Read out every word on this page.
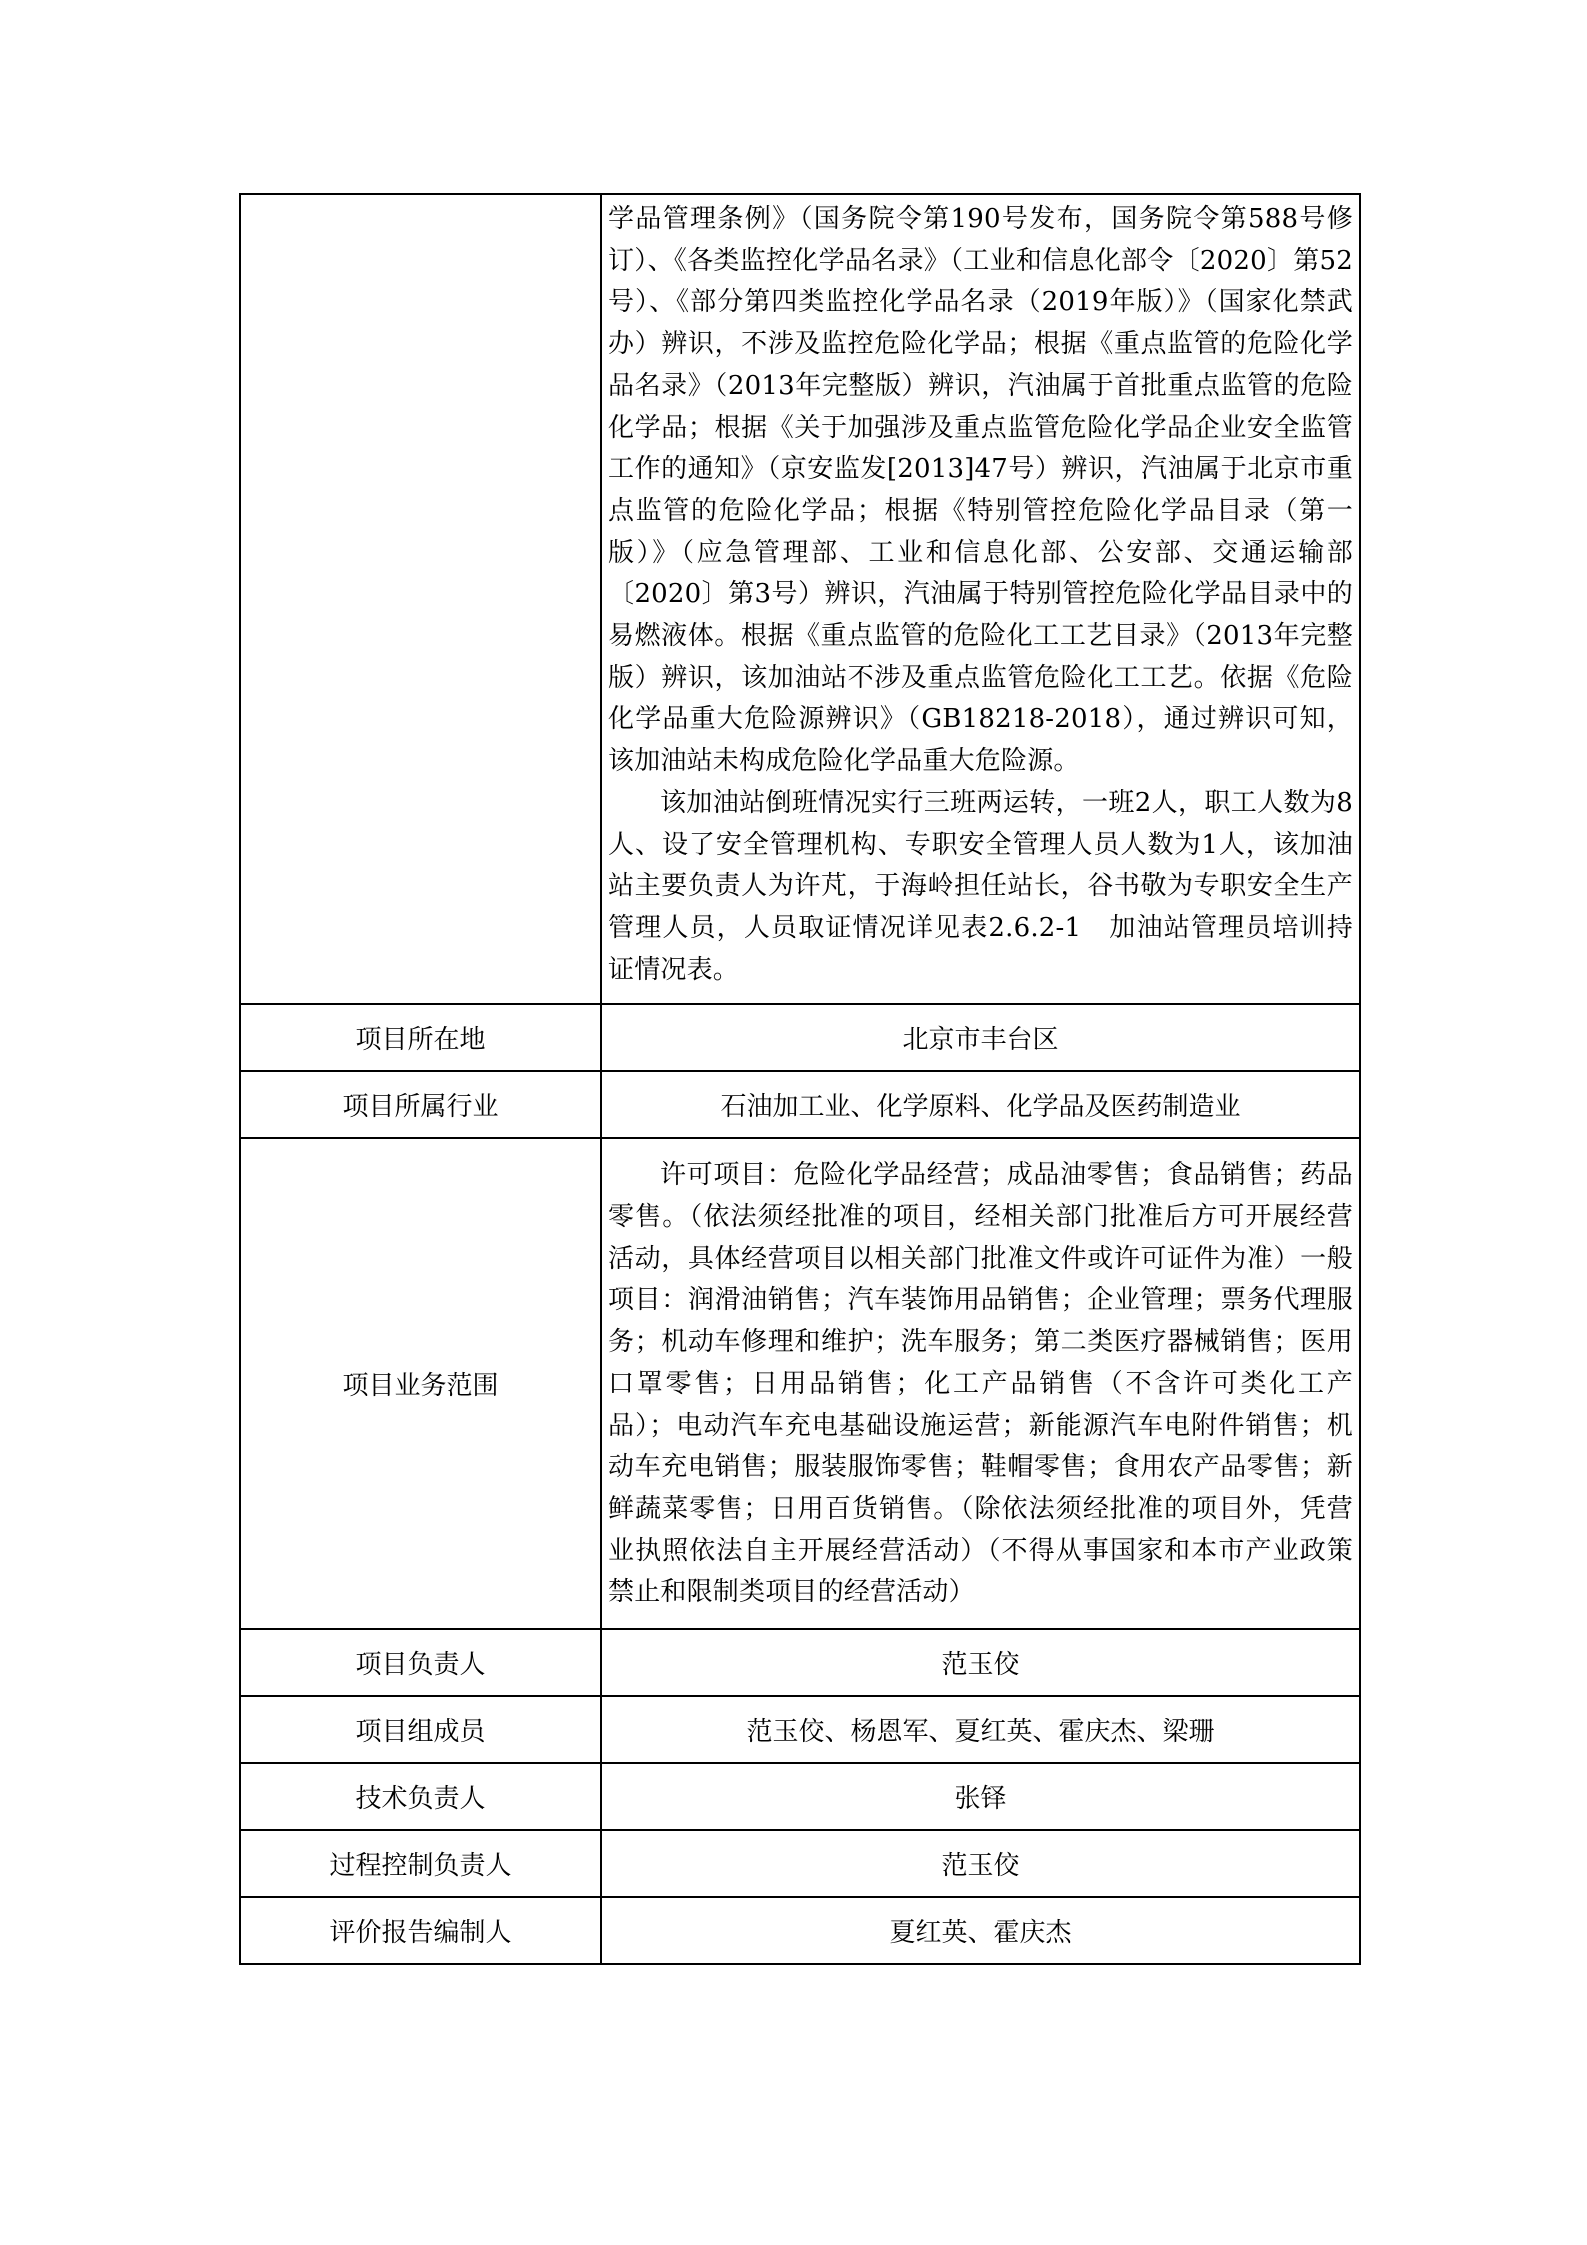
	学品管理条例》（国务院令第190号发布，国务院令第588号修订）、《各类监控化学品名录》（工业和信息化部令〔2020〕第52号）、《部分第四类监控化学品名录（2019年版）》（国家化禁武办）辨识，不涉及监控危险化学品；根据《重点监管的危险化学品名录》（2013年完整版）辨识，汽油属于首批重点监管的危险化学品；根据《关于加强涉及重点监管危险化学品企业安全监管工作的通知》（京安监发[2013]47号）辨识，汽油属于北京市重点监管的危险化学品；根据《特别管控危险化学品目录（第一版）》（应急管理部、工业和信息化部、公安部、交通运输部〔2020〕第3号）辨识，汽油属于特别管控危险化学品目录中的易燃液体。根据《重点监管的危险化工工艺目录》（2013年完整版）辨识，该加油站不涉及重点监管危险化工工艺。依据《危险化学品重大危险源辨识》（GB18218-2018），通过辨识可知，该加油站未构成危险化学品重大危险源。

该加油站倒班情况实行三班两运转，一班2人，职工人数为8人、设了安全管理机构、专职安全管理人员人数为1人，该加油站主要负责人为许芃，于海岭担任站长，谷书敬为专职安全生产管理人员，人员取证情况详见表2.6.2-1　加油站管理员培训持证情况表。

项目所在地	北京市丰台区
项目所属行业	石油加工业、化学原料、化学品及医药制造业
项目业务范围	许可项目：危险化学品经营；成品油零售；食品销售；药品零售。（依法须经批准的项目，经相关部门批准后方可开展经营活动，具体经营项目以相关部门批准文件或许可证件为准）一般项目：润滑油销售；汽车装饰用品销售；企业管理；票务代理服务；机动车修理和维护；洗车服务；第二类医疗器械销售；医用口罩零售；日用品销售；化工产品销售（不含许可类化工产品）；电动汽车充电基础设施运营；新能源汽车电附件销售；机动车充电销售；服装服饰零售；鞋帽零售；食用农产品零售；新鲜蔬菜零售；日用百货销售。（除依法须经批准的项目外，凭营业执照依法自主开展经营活动）（不得从事国家和本市产业政策禁止和限制类项目的经营活动）

项目负责人	范玉佼
项目组成员	范玉佼、杨恩军、夏红英、霍庆杰、梁珊
技术负责人	张铎
过程控制负责人	范玉佼
评价报告编制人	夏红英、霍庆杰
